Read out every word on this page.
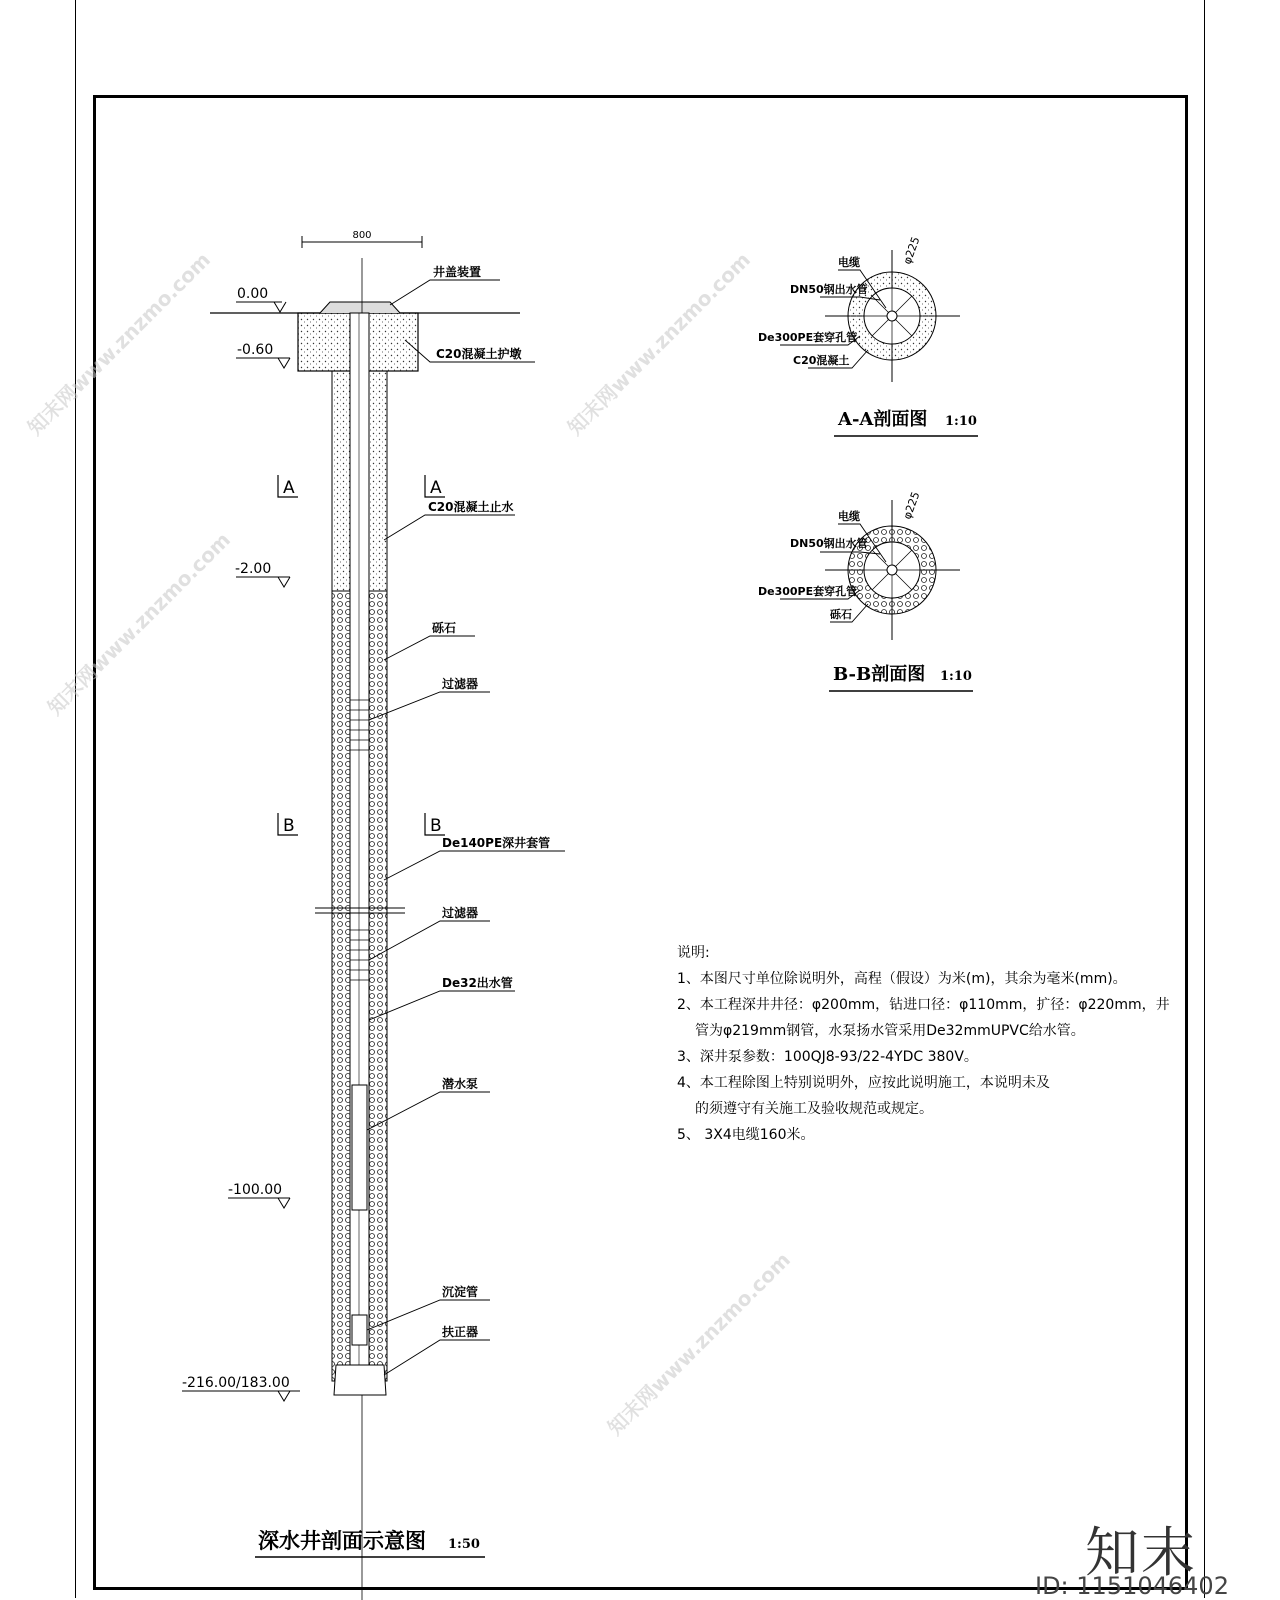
800
0.00
-0.60
-2.00
-100.00
-216.00/183.00
A	A
B	B
井盖装置
C20混凝土护墩
C20混凝土止水
砾石
过滤器
De140PE深井套管
过滤器
De32出水管
潜水泵
沉淀管
扶正器
深水井剖面示意图 1:50
φ225
电缆
DN50钢出水管
De300PE套穿孔管
C20混凝土
A-A剖面图 1:10
φ225
电缆
DN50钢出水管
De300PE套穿孔管
砾石
B-B剖面图 1:10
说明:
1、本图尺寸单位除说明外，高程（假设）为米(m)，其余为毫米(mm)。
2、本工程深井井径：φ200mm，钻进口径：φ110mm，扩径：φ220mm，井
管为φ219mm钢管，水泵扬水管采用De32mmUPVC给水管。
3、深井泵参数：100QJ8-93/22-4YDC 380V。
4、本工程除图上特别说明外，应按此说明施工，本说明未及
的须遵守有关施工及验收规范或规定。
5、 3X4电缆160米。
知末网www.znzmo.com	知末网www.znzmo.com
知末网www.znzmo.com
知末网www.znzmo.com
知末
ID: 1151046402
